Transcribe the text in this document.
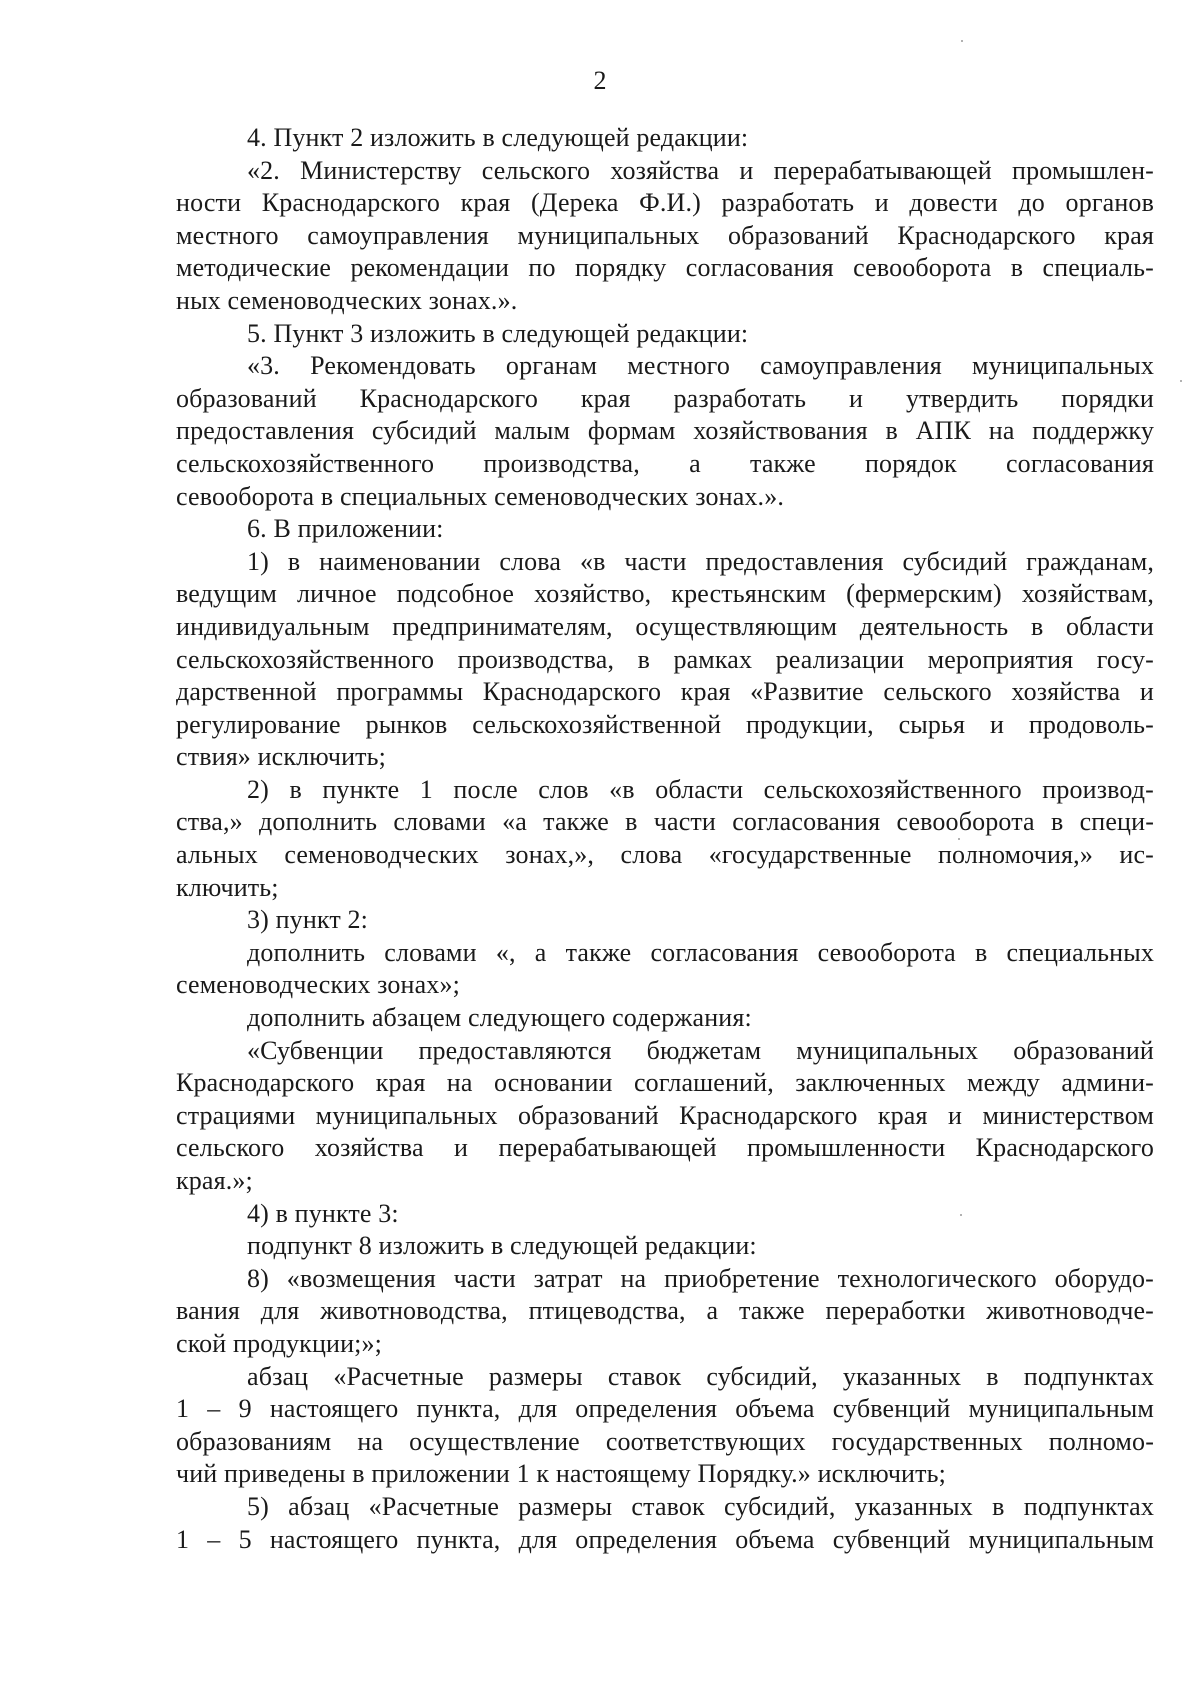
2
4. Пункт 2 изложить в следующей редакции:
«2. Министерству сельского хозяйства и перерабатывающей промышлен-
ности Краснодарского края (Дерека Ф.И.) разработать и довести до органов
местного самоуправления муниципальных образований Краснодарского края
методические рекомендации по порядку согласования севооборота в специаль-
ных семеноводческих зонах.».
5. Пункт 3 изложить в следующей редакции:
«3. Рекомендовать органам местного самоуправления муниципальных
образований Краснодарского края разработать и утвердить порядки
предоставления субсидий малым формам хозяйствования в АПК на поддержку
сельскохозяйственного производства, а также порядок согласования
севооборота в специальных семеноводческих зонах.».
6. В приложении:
1) в наименовании слова «в части предоставления субсидий гражданам,
ведущим личное подсобное хозяйство, крестьянским (фермерским) хозяйствам,
индивидуальным предпринимателям, осуществляющим деятельность в области
сельскохозяйственного производства, в рамках реализации мероприятия госу-
дарственной программы Краснодарского края «Развитие сельского хозяйства и
регулирование рынков сельскохозяйственной продукции, сырья и продоволь-
ствия» исключить;
2) в пункте 1 после слов «в области сельскохозяйственного производ-
ства,» дополнить словами «а также в части согласования севооборота в специ-
альных семеноводческих зонах,», слова «государственные полномочия,» ис-
ключить;
3) пункт 2:
дополнить словами «, а также согласования севооборота в специальных
семеноводческих зонах»;
дополнить абзацем следующего содержания:
«Субвенции предоставляются бюджетам муниципальных образований
Краснодарского края на основании соглашений, заключенных между админи-
страциями муниципальных образований Краснодарского края и министерством
сельского хозяйства и перерабатывающей промышленности Краснодарского
края.»;
4) в пункте 3:
подпункт 8 изложить в следующей редакции:
8) «возмещения части затрат на приобретение технологического оборудо-
вания для животноводства, птицеводства, а также переработки животноводче-
ской продукции;»;
абзац «Расчетные размеры ставок субсидий, указанных в подпунктах
1 – 9 настоящего пункта, для определения объема субвенций муниципальным
образованиям на осуществление соответствующих государственных полномо-
чий приведены в приложении 1 к настоящему Порядку.» исключить;
5) абзац «Расчетные размеры ставок субсидий, указанных в подпунктах
1 – 5 настоящего пункта, для определения объема субвенций муниципальным
